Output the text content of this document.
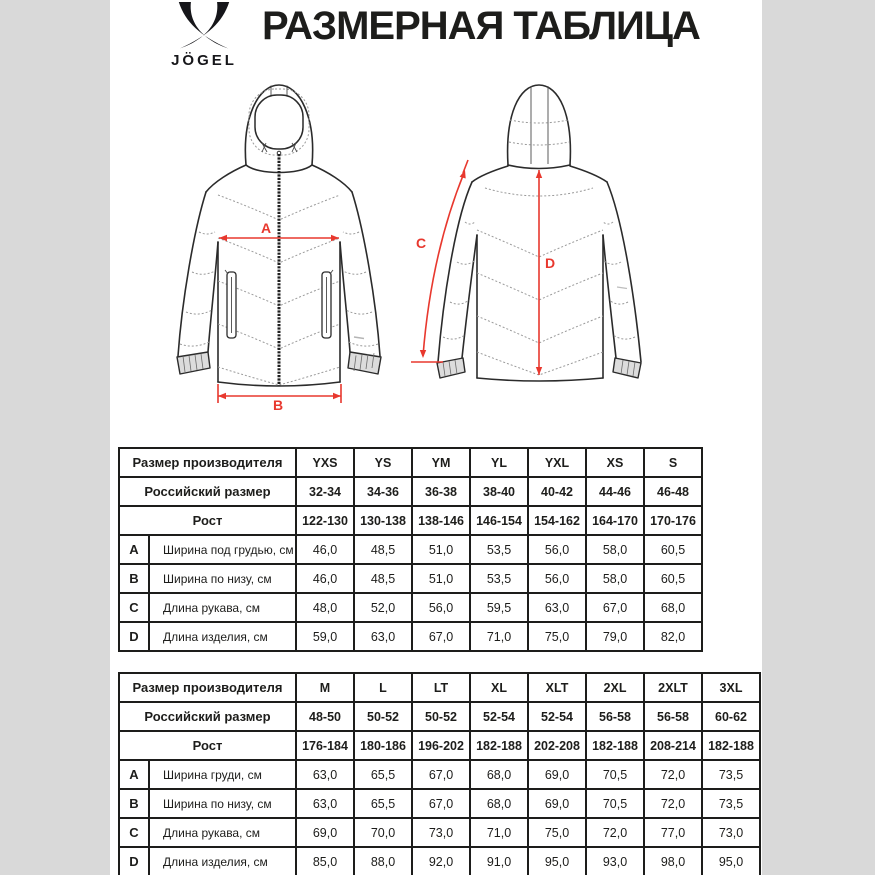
JÖGEL
РАЗМЕРНАЯ ТАБЛИЦА
A
B
C
D
Размер производителя		YXS	YS	YM	YL	YXL	XS	S
Российский размер		32-34	34-36	36-38	38-40	40-42	44-46	46-48
Рост		122-130	130-138	138-146	146-154	154-162	164-170	170-176
A	Ширина под грудью, см	46,0	48,5	51,0	53,5	56,0	58,0	60,5
B	Ширина по низу, см	46,0	48,5	51,0	53,5	56,0	58,0	60,5
C	Длина рукава, см	48,0	52,0	56,0	59,5	63,0	67,0	68,0
D	Длина изделия, см	59,0	63,0	67,0	71,0	75,0	79,0	82,0
Размер производителя		M	L	LT	XL	XLT	2XL	2XLT	3XL
Российский размер		48-50	50-52	50-52	52-54	52-54	56-58	56-58	60-62
Рост		176-184	180-186	196-202	182-188	202-208	182-188	208-214	182-188
A	Ширина груди, см	63,0	65,5	67,0	68,0	69,0	70,5	72,0	73,5
B	Ширина по низу, см	63,0	65,5	67,0	68,0	69,0	70,5	72,0	73,5
C	Длина рукава, см	69,0	70,0	73,0	71,0	75,0	72,0	77,0	73,0
D	Длина изделия, см	85,0	88,0	92,0	91,0	95,0	93,0	98,0	95,0
